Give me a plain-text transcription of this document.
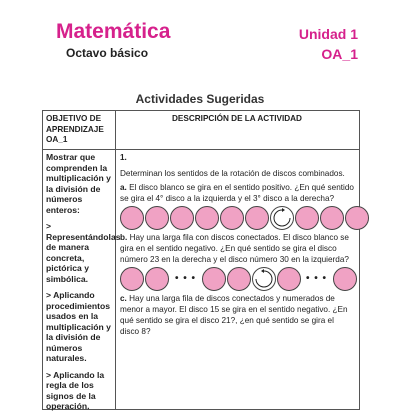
Matemática
Octavo básico
Unidad 1
OA_1
Actividades Sugeridas
OBJETIVO DE APRENDIZAJE OA_1
DESCRIPCIÓN DE LA ACTIVIDAD

Mostrar que comprenden la multiplicación y la división de números enteros:

> Representándolas de manera concreta, pictórica y simbólica.

> Aplicando procedimientos usados en la multiplicación y la división de números naturales.

> Aplicando la regla de los signos de la operación.

1.

Determinan los sentidos de la rotación de discos combinados.

a. El disco blanco se gira en el sentido positivo. ¿En qué sentido se gira el 4° disco a la izquierda y el 3° disco a la derecha?

b. Hay una larga fila con discos conectados. El disco blanco se gira en el sentido negativo. ¿En qué sentido se gira el disco número 23 en la derecha y el disco número 30 en la izquierda?

• • •	• • •

c. Hay una larga fila de discos conectados y numerados de menor a mayor. El disco 15 se gira en el sentido negativo. ¿En qué sentido se gira el disco 21?, ¿en qué sentido se gira el disco 8?
